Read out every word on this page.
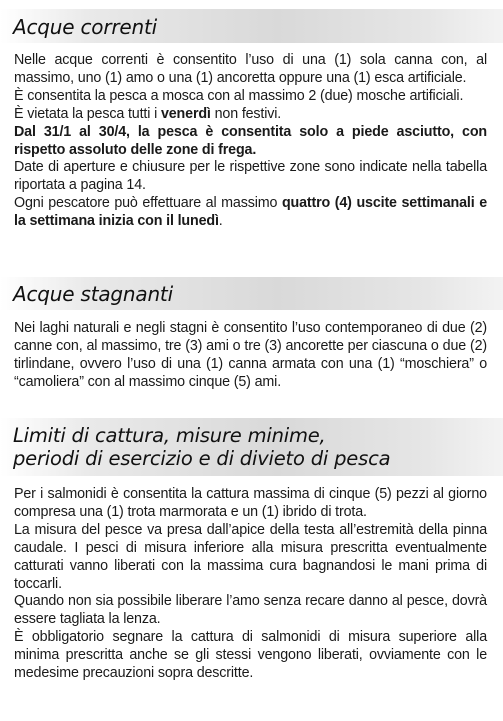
Acque correnti

Nelle acque correnti è consentito l’uso di una (1) sola canna con, al massimo, uno (1) amo o una (1) ancoretta oppure una (1) esca artificiale.

È consentita la pesca a mosca con al massimo 2 (due) mosche artificiali.

È vietata la pesca tutti i venerdì non festivi.

Dal 31/1 al 30/4, la pesca è consentita solo a piede asciutto, con rispetto assoluto delle zone di frega.

Date di aperture e chiusure per le rispettive zone sono indicate nella tabella riportata a pagina 14.

Ogni pescatore può effettuare al massimo quattro (4) uscite settimanali e la settimana inizia con il lunedì.

Acque stagnanti

Nei laghi naturali e negli stagni è consentito l’uso contemporaneo di due (2) canne con, al massimo, tre (3) ami o tre (3) ancorette per ciascuna o due (2) tirlindane, ovvero l’uso di una (1) canna armata con una (1) “moschiera” o “camoliera” con al massimo cinque (5) ami.

Limiti di cattura, misure minime,
periodi di esercizio e di divieto di pesca

Per i salmonidi è consentita la cattura massima di cinque (5) pezzi al giorno compresa una (1) trota marmorata e un (1) ibrido di trota.

La misura del pesce va presa dall’apice della testa all’estremità della pinna caudale. I pesci di misura inferiore alla misura prescritta eventualmente catturati vanno liberati con la massima cura bagnandosi le mani prima di toccarli.

Quando non sia possibile liberare l’amo senza recare danno al pesce, dovrà essere tagliata la lenza.

È obbligatorio segnare la cattura di salmonidi di misura superiore alla minima prescritta anche se gli stessi vengono liberati, ovviamente con le medesime precauzioni sopra descritte.
